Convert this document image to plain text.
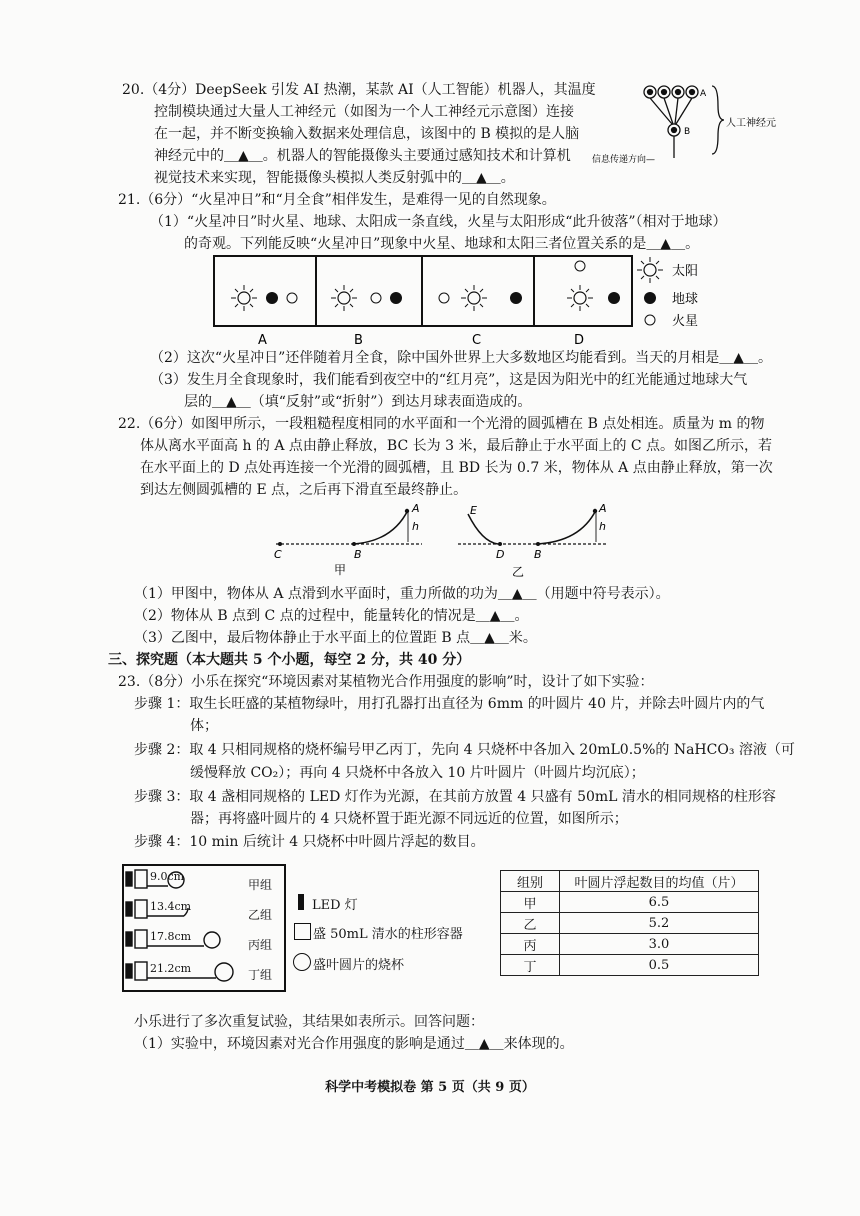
20.（4分）DeepSeek 引发 AI 热潮，某款 AI（人工智能）机器人，其温度
控制模块通过大量人工神经元（如图为一个人工神经元示意图）连接
在一起，并不断变换输入数据来处理信息，该图中的 B 模拟的是人脑
神经元中的＿▲＿。机器人的智能摄像头主要通过感知技术和计算机
视觉技术来实现，智能摄像头模拟人类反射弧中的＿▲＿。
A
B
人工神经元
信息传递方向—
21.（6分）“火星冲日”和“月全食”相伴发生，是难得一见的自然现象。
（1）“火星冲日”时火星、地球、太阳成一条直线，火星与太阳形成“此升彼落”（相对于地球）
的奇观。下列能反映“火星冲日”现象中火星、地球和太阳三者位置关系的是＿▲＿。
太阳
地球
火星
A	B	C	D
（2）这次“火星冲日”还伴随着月全食，除中国外世界上大多数地区均能看到。当天的月相是＿▲＿。
（3）发生月全食现象时，我们能看到夜空中的“红月亮”，这是因为阳光中的红光能通过地球大气
层的＿▲＿（填“反射”或“折射”）到达月球表面造成的。
22.（6分）如图甲所示，一段粗糙程度相同的水平面和一个光滑的圆弧槽在 B 点处相连。质量为 m 的物
体从离水平面高 h 的 A 点由静止释放，BC 长为 3 米，最后静止于水平面上的 C 点。如图乙所示，若
在水平面上的 D 点处再连接一个光滑的圆弧槽，且 BD 长为 0.7 米，物体从 A 点由静止释放，第一次
到达左侧圆弧槽的 E 点，之后再下滑直至最终静止。
A
h
C	B
甲
E	A
h
D	B
乙
（1）甲图中，物体从 A 点滑到水平面时，重力所做的功为＿▲＿（用题中符号表示）。
（2）物体从 B 点到 C 点的过程中，能量转化的情况是＿▲＿。
（3）乙图中，最后物体静止于水平面上的位置距 B 点＿▲＿米。
三、探究题（本大题共 5 个小题，每空 2 分，共 40 分）
23.（8分）小乐在探究“环境因素对某植物光合作用强度的影响”时，设计了如下实验：
步骤 1：取生长旺盛的某植物绿叶，用打孔器打出直径为 6mm 的叶圆片 40 片，并除去叶圆片内的气
体；
步骤 2：取 4 只相同规格的烧杯编号甲乙丙丁，先向 4 只烧杯中各加入 20mL0.5%的 NaHCO₃ 溶液（可
缓慢释放 CO₂）；再向 4 只烧杯中各放入 10 片叶圆片（叶圆片均沉底）；
步骤 3：取 4 盏相同规格的 LED 灯作为光源，在其前方放置 4 只盛有 50mL 清水的相同规格的柱形容
器；再将盛叶圆片的 4 只烧杯置于距光源不同远近的位置，如图所示；
步骤 4：10 min 后统计 4 只烧杯中叶圆片浮起的数目。
9.0cm
13.4cm
17.8cm
21.2cm
甲组
乙组
丙组
丁组
LED 灯
盛 50mL 清水的柱形容器
盛叶圆片的烧杯
组别	叶圆片浮起数目的均值（片）
甲	6.5
乙	5.2
丙	3.0
丁	0.5
小乐进行了多次重复试验，其结果如表所示。回答问题：
（1）实验中，环境因素对光合作用强度的影响是通过＿▲＿来体现的。
科学中考模拟卷 第 5 页（共 9 页）
